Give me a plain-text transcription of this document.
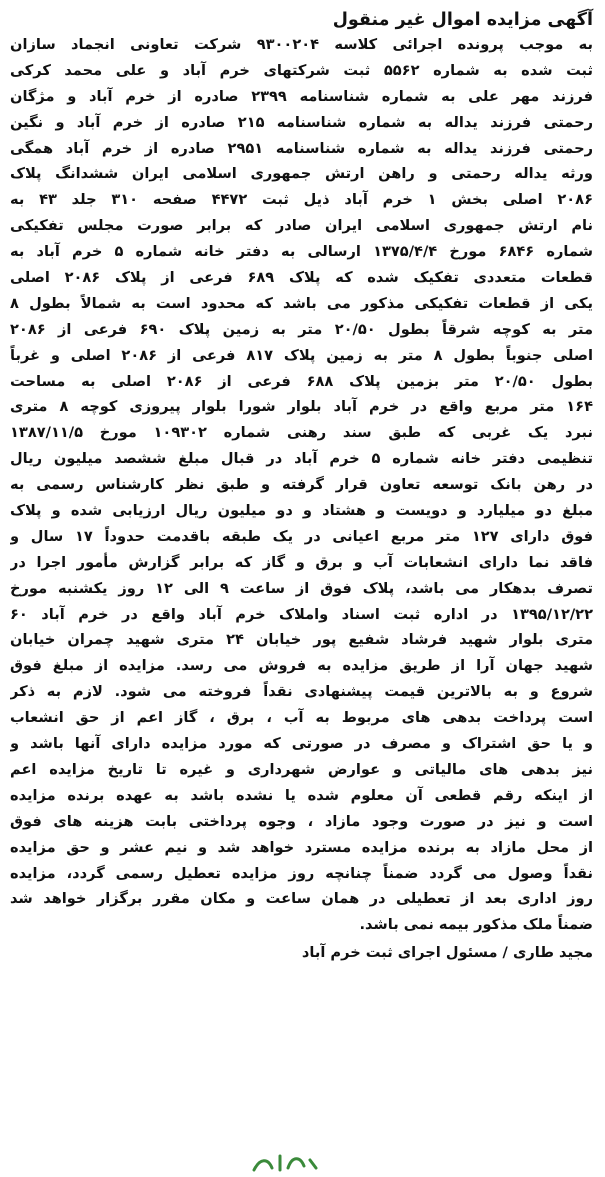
آگهی مزایده اموال غیر منقول
به موجب پرونده اجرائی کلاسه ۹۳۰۰۲۰۴ شرکت تعاونی انجماد سازان
ثبت شده به شماره ۵۵۶۲ ثبت شرکتهای خرم آباد و علی محمد کرکی
فرزند مهر علی به شماره شناسنامه ۲۳۹۹ صادره از خرم آباد و مژگان
رحمتی فرزند یداله به شماره شناسنامه ۲۱۵ صادره از خرم آباد و نگین
رحمتی فرزند یداله به شماره شناسنامه ۲۹۵۱ صادره از خرم آباد همگی
ورثه یداله رحمتی و راهن ارتش جمهوری اسلامی ایران ششدانگ پلاک
۲۰۸۶ اصلی بخش ۱ خرم آباد ذیل ثبت ۴۴۷۲ صفحه ۳۱۰ جلد ۴۳ به
نام ارتش جمهوری اسلامی ایران صادر که برابر صورت مجلس تفکیکی
شماره ۶۸۴۶ مورخ ۱۳۷۵/۴/۴ ارسالی به دفتر خانه شماره ۵ خرم آباد به
قطعات متعددی تفکیک شده که پلاک ۶۸۹ فرعی از پلاک ۲۰۸۶ اصلی
یکی از قطعات تفکیکی مذکور می باشد که محدود است به شمالاً بطول ۸
متر به کوچه شرقاً بطول ۲۰/۵۰ متر به زمین پلاک ۶۹۰ فرعی از ۲۰۸۶
اصلی جنوباً بطول ۸ متر به زمین پلاک ۸۱۷ فرعی از ۲۰۸۶ اصلی و غرباً
بطول ۲۰/۵۰ متر بزمین پلاک ۶۸۸ فرعی از ۲۰۸۶ اصلی به مساحت
۱۶۴ متر مربع واقع در خرم آباد بلوار شورا بلوار پیروزی کوچه ۸ متری
نبرد یک غربی که طبق سند رهنی شماره ۱۰۹۳۰۲ مورخ ۱۳۸۷/۱۱/۵
تنظیمی دفتر خانه شماره ۵ خرم آباد در قبال مبلغ ششصد میلیون ریال
در رهن بانک توسعه تعاون قرار گرفته و طبق نظر کارشناس رسمی به
مبلغ دو میلیارد و دویست و هشتاد و دو میلیون ریال ارزیابی شده و پلاک
فوق دارای ۱۲۷ متر مربع اعیانی در یک طبقه باقدمت حدوداً ۱۷ سال و
فاقد نما دارای انشعابات آب و برق و گاز که برابر گزارش مأمور اجرا در
تصرف بدهکار می باشد، پلاک فوق از ساعت ۹ الی ۱۲ روز یکشنبه مورخ
۱۳۹۵/۱۲/۲۲ در اداره ثبت اسناد واملاک خرم آباد واقع در خرم آباد ۶۰
متری بلوار شهید فرشاد شفیع پور خیابان ۲۴ متری شهید چمران خیابان
شهید جهان آرا از طریق مزایده به فروش می رسد. مزایده از مبلغ فوق
شروع و به بالاترین قیمت پیشنهادی نقداً فروخته می شود. لازم به ذکر
است پرداخت بدهی های مربوط به آب ، برق ، گاز اعم از حق انشعاب
و یا حق اشتراک و مصرف در صورتی که مورد مزایده دارای آنها باشد و
نیز بدهی های مالیاتی و عوارض شهرداری و غیره تا تاریخ مزایده اعم
از اینکه رقم قطعی آن معلوم شده یا نشده باشد به عهده برنده مزایده
است و نیز در صورت وجود مازاد ، وجوه پرداختی بابت هزینه های فوق
از محل مازاد به برنده مزایده مسترد خواهد شد و نیم عشر و حق مزایده
نقداً وصول می گردد ضمناً چنانچه روز مزایده تعطیل رسمی گردد، مزایده
روز اداری بعد از تعطیلی در همان ساعت و مکان مقرر برگزار خواهد شد
ضمناً ملک مذکور بیمه نمی باشد.
مجید طاری / مسئول اجرای ثبت خرم آباد
